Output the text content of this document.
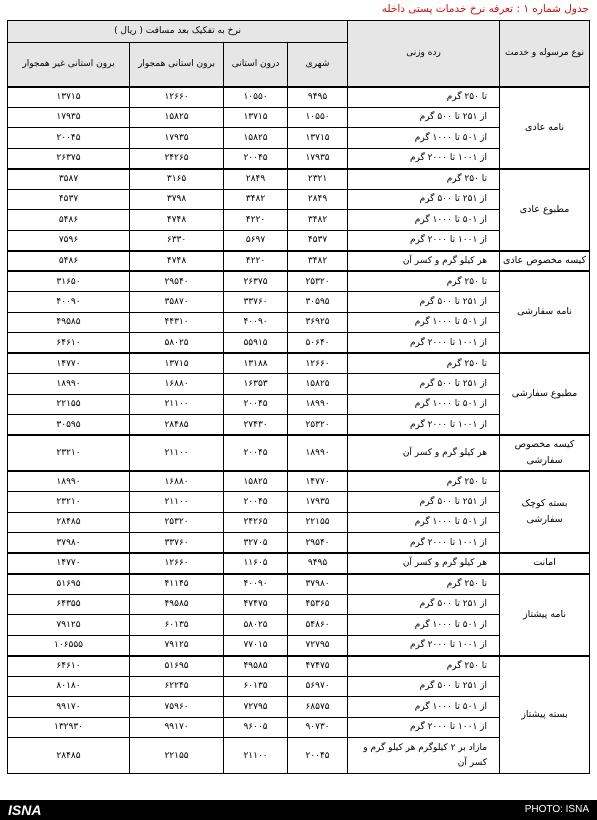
جدول شماره ۱ : تعرفه نرخ خدمات پستی داخله
نوع مرسوله و خدمت	رده وزنی	نرخ به تفکیک بعد مسافت ( ریال )			
		شهری	درون استانی	برون استانی همجوار	برون استانی غیر همجوار
نامه عادی	تا ۲۵۰ گرم	۹۴۹۵	۱۰۵۵۰	۱۲۶۶۰	۱۳۷۱۵
	از ۲۵۱ تا ۵۰۰ گرم	۱۰۵۵۰	۱۳۷۱۵	۱۵۸۲۵	۱۷۹۳۵
	از ۵۰۱ تا ۱۰۰۰ گرم	۱۳۷۱۵	۱۵۸۲۵	۱۷۹۳۵	۲۰۰۴۵
	از ۱۰۰۱ تا ۲۰۰۰ گرم	۱۷۹۳۵	۲۰۰۴۵	۲۴۲۶۵	۲۶۳۷۵
مطبوع عادی	تا ۲۵۰ گرم	۲۳۲۱	۲۸۴۹	۳۱۶۵	۳۵۸۷
	از ۲۵۱ تا ۵۰۰ گرم	۲۸۴۹	۳۴۸۲	۳۷۹۸	۴۵۳۷
	از ۵۰۱ تا ۱۰۰۰ گرم	۳۴۸۲	۴۲۲۰	۴۷۴۸	۵۴۸۶
	از ۱۰۰۱ تا ۲۰۰۰ گرم	۴۵۳۷	۵۶۹۷	۶۳۳۰	۷۵۹۶
کیسه مخصوص عادی	هر کیلو گرم و کسر آن	۳۴۸۲	۴۲۲۰	۴۷۴۸	۵۴۸۶
نامه سفارشی	تا ۲۵۰ گرم	۲۵۳۲۰	۲۶۳۷۵	۲۹۵۴۰	۳۱۶۵۰
	از ۲۵۱ تا ۵۰۰ گرم	۳۰۵۹۵	۳۳۷۶۰	۳۵۸۷۰	۴۰۰۹۰
	از ۵۰۱ تا ۱۰۰۰ گرم	۳۶۹۲۵	۴۰۰۹۰	۴۴۳۱۰	۴۹۵۸۵
	از ۱۰۰۱ تا ۲۰۰۰ گرم	۵۰۶۴۰	۵۵۹۱۵	۵۸۰۲۵	۶۴۶۱۰
مطبوع سفارشی	تا ۲۵۰ گرم	۱۲۶۶۰	۱۳۱۸۸	۱۳۷۱۵	۱۴۷۷۰
	از ۲۵۱ تا ۵۰۰ گرم	۱۵۸۲۵	۱۶۳۵۳	۱۶۸۸۰	۱۸۹۹۰
	از ۵۰۱ تا ۱۰۰۰ گرم	۱۸۹۹۰	۲۰۰۴۵	۲۱۱۰۰	۲۲۱۵۵
	از ۱۰۰۱ تا ۲۰۰۰ گرم	۲۵۳۲۰	۲۷۴۳۰	۲۸۴۸۵	۳۰۵۹۵
کیسه مخصوص سفارشی	هر کیلو گرم و کسر آن	۱۸۹۹۰	۲۰۰۴۵	۲۱۱۰۰	۲۳۲۱۰
بسته کوچک سفارشی	تا ۲۵۰ گرم	۱۴۷۷۰	۱۵۸۲۵	۱۶۸۸۰	۱۸۹۹۰
	از ۲۵۱ تا ۵۰۰ گرم	۱۷۹۳۵	۲۰۰۴۵	۲۱۱۰۰	۲۳۲۱۰
	از ۵۰۱ تا ۱۰۰۰ گرم	۲۲۱۵۵	۲۴۲۶۵	۲۵۳۲۰	۲۸۴۸۵
	از ۱۰۰۱ تا ۲۰۰۰ گرم	۲۹۵۴۰	۳۲۷۰۵	۳۳۷۶۰	۳۷۹۸۰
امانت	هر کیلو گرم و کسر آن	۹۴۹۵	۱۱۶۰۵	۱۲۶۶۰	۱۴۷۷۰
نامه پیشتاز	تا ۲۵۰ گرم	۳۷۹۸۰	۴۰۰۹۰	۴۱۱۴۵	۵۱۶۹۵
	از ۲۵۱ تا ۵۰۰ گرم	۴۵۳۶۵	۴۷۴۷۵	۴۹۵۸۵	۶۴۳۵۵
	از ۵۰۱ تا ۱۰۰۰ گرم	۵۴۸۶۰	۵۸۰۲۵	۶۰۱۳۵	۷۹۱۲۵
	از ۱۰۰۱ تا ۲۰۰۰ گرم	۷۲۷۹۵	۷۷۰۱۵	۷۹۱۲۵	۱۰۶۵۵۵
بسته پیشتاز	تا ۲۵۰ گرم	۴۷۴۷۵	۴۹۵۸۵	۵۱۶۹۵	۶۴۶۱۰
	از ۲۵۱ تا ۵۰۰ گرم	۵۶۹۷۰	۶۰۱۳۵	۶۲۲۴۵	۸۰۱۸۰
	از ۵۰۱ تا ۱۰۰۰ گرم	۶۸۵۷۵	۷۲۷۹۵	۷۵۹۶۰	۹۹۱۷۰
	از ۱۰۰۱ تا ۲۰۰۰ گرم	۹۰۷۳۰	۹۶۰۰۵	۹۹۱۷۰	۱۳۲۹۳۰
	مازاد بر ۲ کیلوگرم هر کیلو گرم و کسر آن	۲۰۰۴۵	۲۱۱۰۰	۲۲۱۵۵	۲۸۴۸۵
ISNA	PHOTO: ISNA
